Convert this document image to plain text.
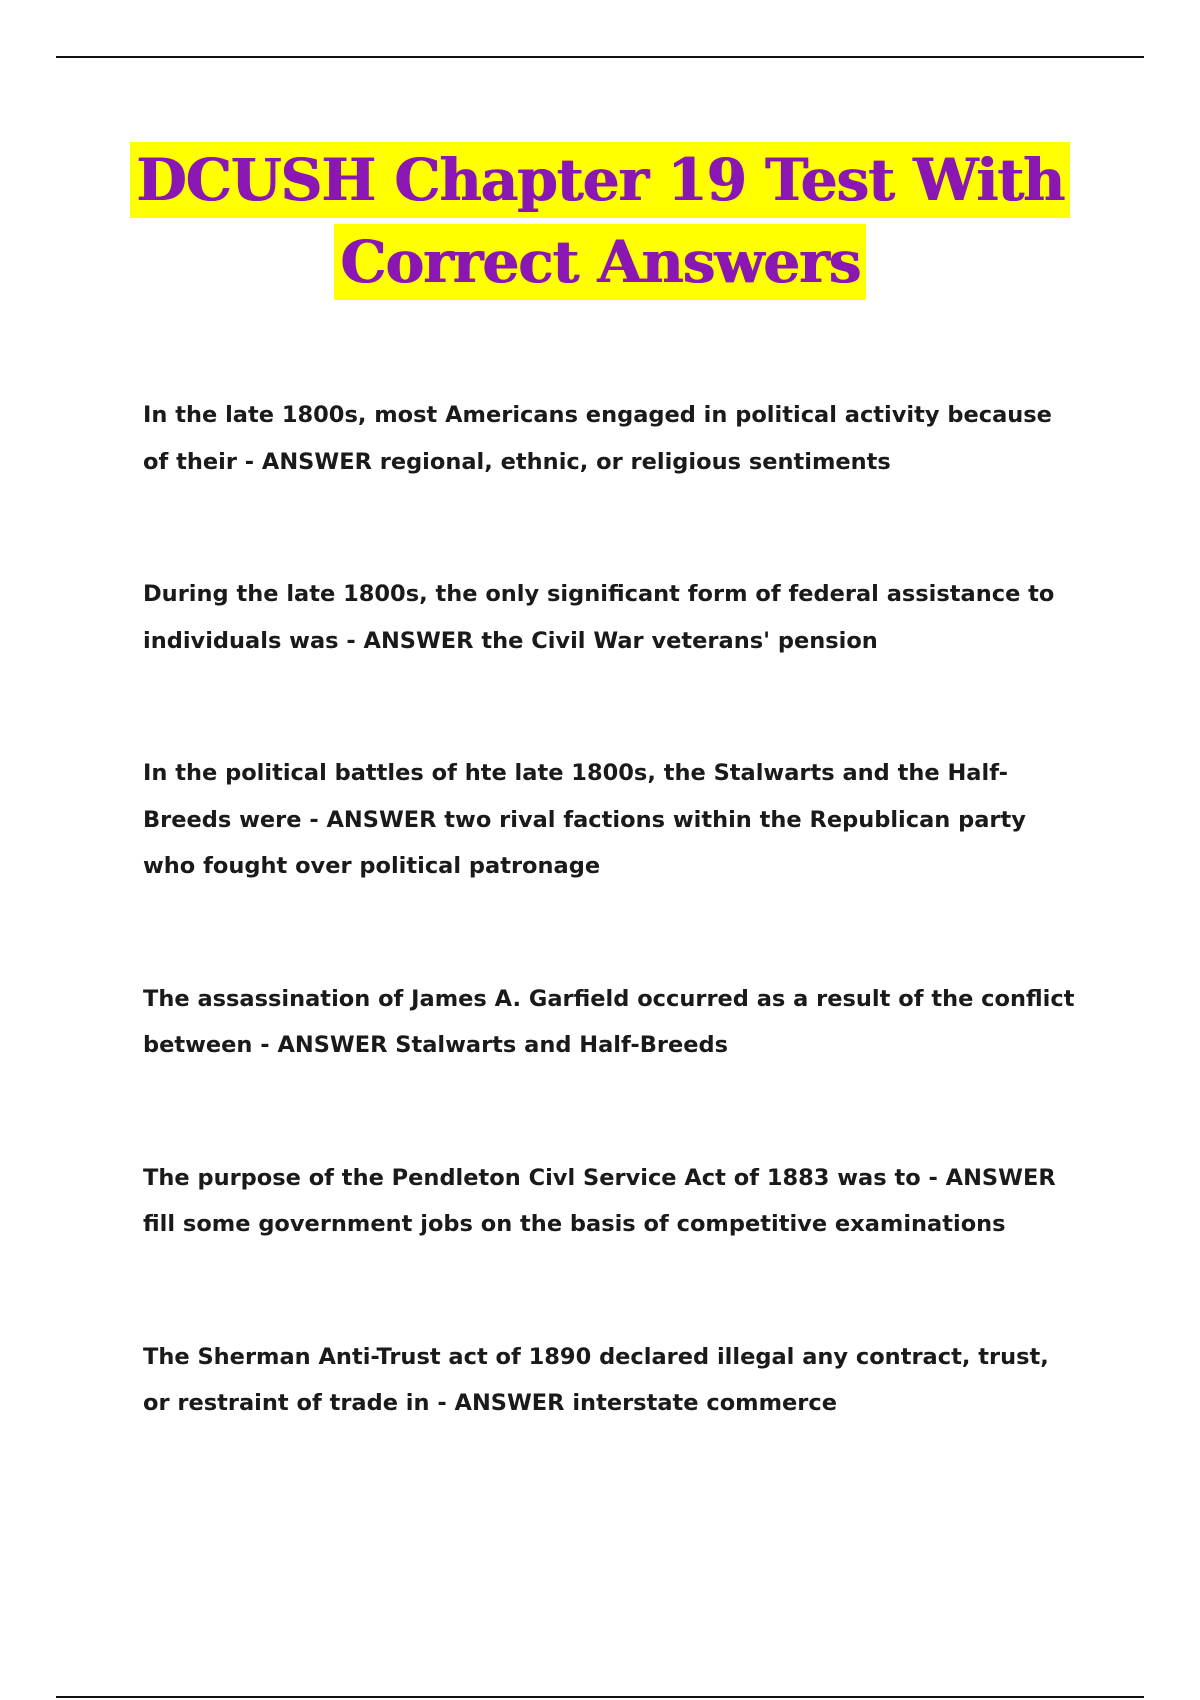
DCUSH Chapter 19 Test With
Correct Answers

In the late 1800s, most Americans engaged in political activity because of their - ANSWER regional, ethnic, or religious sentiments

During the late 1800s, the only significant form of federal assistance to individuals was - ANSWER the Civil War veterans' pension

In the political battles of hte late 1800s, the Stalwarts and the Half-Breeds were - ANSWER two rival factions within the Republican party who fought over political patronage

The assassination of James A. Garfield occurred as a result of the conflict between - ANSWER Stalwarts and Half-Breeds

The purpose of the Pendleton Civl Service Act of 1883 was to - ANSWER fill some government jobs on the basis of competitive examinations

The Sherman Anti-Trust act of 1890 declared illegal any contract, trust, or restraint of trade in - ANSWER interstate commerce
